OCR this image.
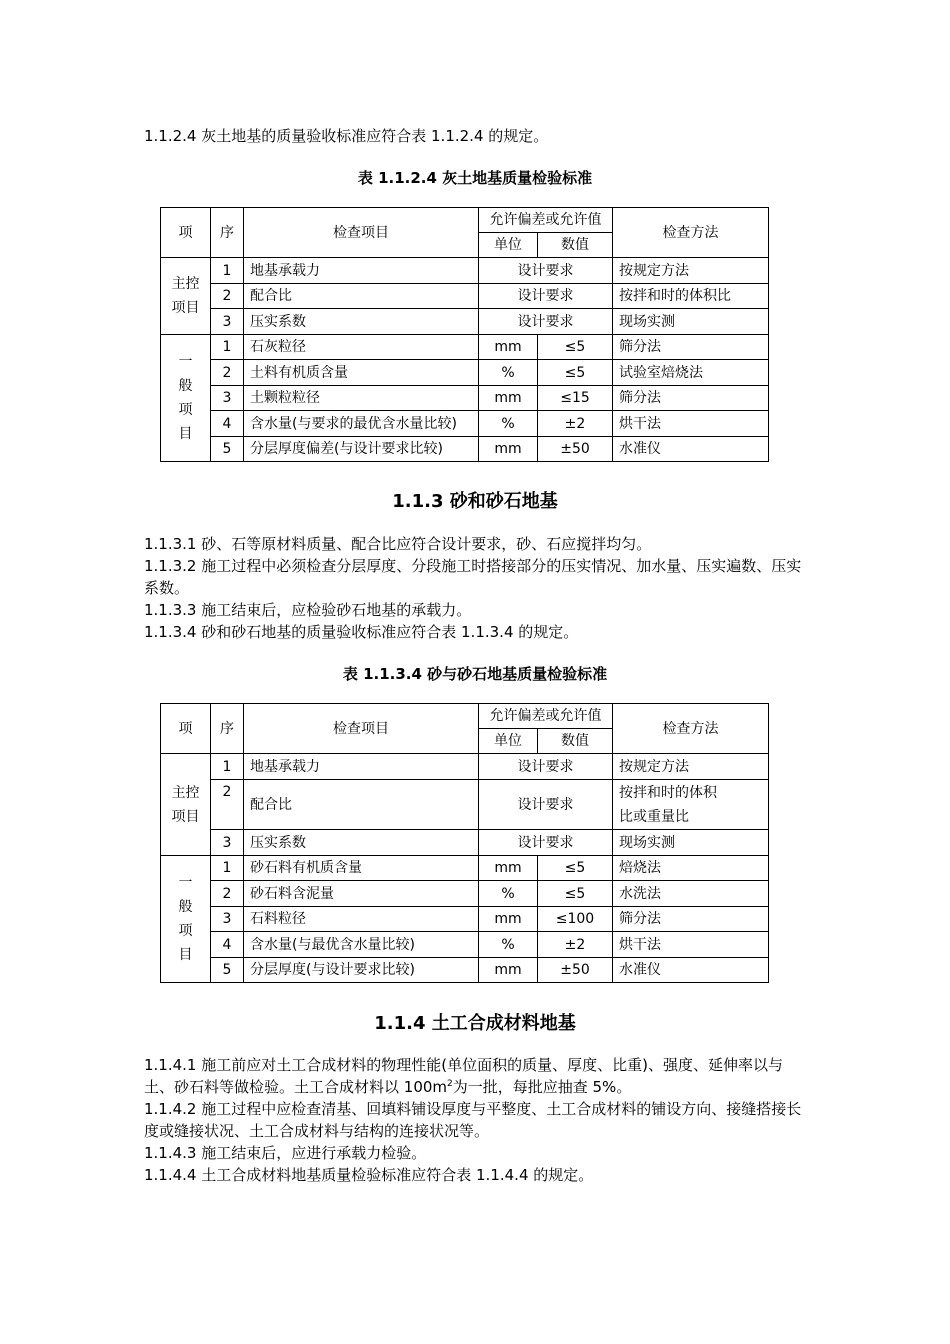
1.1.2.4 灰土地基的质量验收标准应符合表 1.1.2.4 的规定。
表 1.1.2.4 灰土地基质量检验标准
项	序	检查项目	允许偏差或允许值		检查方法
			单位	数值	

主控
项目	1	地基承载力	设计要求		按规定方法
	2	配合比	设计要求		按拌和时的体积比
	3	压实系数	设计要求		现场实测

一
般
项
目	1	石灰粒径	mm	≤5	筛分法
	2	土料有机质含量	%	≤5	试验室焙烧法
	3	土颗粒粒径	mm	≤15	筛分法
	4	含水量(与要求的最优含水量比较)	%	±2	烘干法
	5	分层厚度偏差(与设计要求比较)	mm	±50	水准仪
1.1.3 砂和砂石地基
1.1.3.1 砂、石等原材料质量、配合比应符合设计要求，砂、石应搅拌均匀。
1.1.3.2 施工过程中必须检查分层厚度、分段施工时搭接部分的压实情况、加水量、压实遍数、压实系数。
1.1.3.3 施工结束后，应检验砂石地基的承载力。
1.1.3.4 砂和砂石地基的质量验收标准应符合表 1.1.3.4 的规定。
表 1.1.3.4 砂与砂石地基质量检验标准
项	序	检查项目	允许偏差或允许值		检查方法
			单位	数值	

主控
项目	1	地基承载力	设计要求		按规定方法
	2	配合比	设计要求		按拌和时的体积
比或重量比

	3	压实系数	设计要求		现场实测

一
般
项
目	1	砂石料有机质含量	mm	≤5	焙烧法
	2	砂石料含泥量	%	≤5	水洗法
	3	石料粒径	mm	≤100	筛分法
	4	含水量(与最优含水量比较)	%	±2	烘干法
	5	分层厚度(与设计要求比较)	mm	±50	水准仪
1.1.4 土工合成材料地基
1.1.4.1 施工前应对土工合成材料的物理性能(单位面积的质量、厚度、比重)、强度、延伸率以与土、砂石料等做检验。土工合成材料以 $100m^2$为一批，每批应抽查 5%。
1.1.4.2 施工过程中应检查清基、回填料铺设厚度与平整度、土工合成材料的铺设方向、接缝搭接长度或缝接状况、土工合成材料与结构的连接状况等。
1.1.4.3 施工结束后，应进行承载力检验。
1.1.4.4 土工合成材料地基质量检验标准应符合表 1.1.4.4 的规定。
